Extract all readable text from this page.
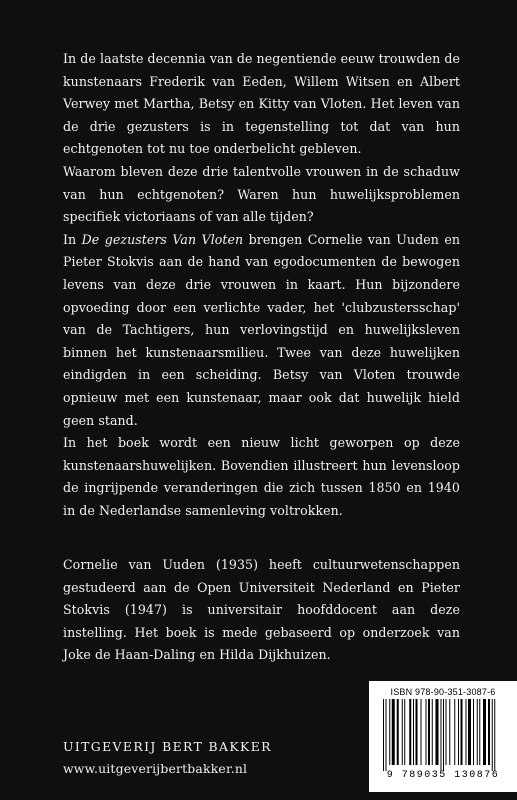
In de laatste decennia van de negentiende eeuw trouwden de kunstenaars Frederik van Eeden, Willem Witsen en Albert Verwey met Martha, Betsy en Kitty van Vloten. Het leven van de drie gezusters is in tegenstelling tot dat van hun echtgenoten tot nu toe onderbelicht gebleven.

Waarom bleven deze drie talentvolle vrouwen in de schaduw van hun echtgenoten? Waren hun huwelijksproblemen specifiek victoriaans of van alle tijden?

In De gezusters Van Vloten brengen Cornelie van Uuden en Pieter Stokvis aan de hand van egodocumenten de bewogen levens van deze drie vrouwen in kaart. Hun bijzondere opvoeding door een verlichte vader, het 'clubzustersschap' van de Tachtigers, hun verlovingstijd en huwelijksleven binnen het kunstenaarsmilieu. Twee van deze huwelijken eindigden in een scheiding. Betsy van Vloten trouwde opnieuw met een kunstenaar, maar ook dat huwelijk hield geen stand.

In het boek wordt een nieuw licht geworpen op deze kunstenaarshuwelijken. Bovendien illustreert hun levensloop de ingrijpende veranderingen die zich tussen 1850 en 1940 in de Nederlandse samenleving voltrokken.

Cornelie van Uuden (1935) heeft cultuurwetenschappen gestudeerd aan de Open Universiteit Nederland en Pieter Stokvis (1947) is universitair hoofddocent aan deze instelling. Het boek is mede gebaseerd op onderzoek van Joke de Haan-Daling en Hilda Dijkhuizen.

UITGEVERIJ BERT BAKKER
www.uitgeverijbertbakker.nl
ISBN 978-90-351-3087-6
9 789035 130876
